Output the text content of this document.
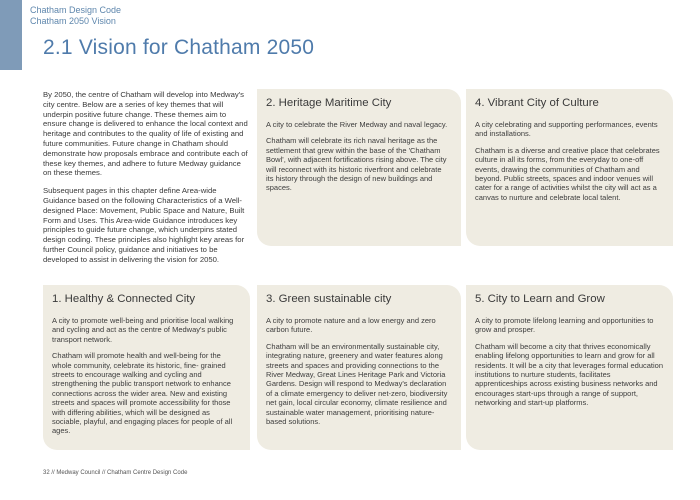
Chatham Design Code
Chatham 2050 Vision
2.1 Vision for Chatham 2050

By 2050, the centre of Chatham will develop into Medway's city centre. Below are a series of key themes that will underpin positive future change. These themes aim to ensure change is delivered to enhance the local context and heritage and contributes to the quality of life of existing and future communities. Future change in Chatham should demonstrate how proposals embrace and contribute each of these key themes, and adhere to future Medway guidance on these themes.

Subsequent pages in this chapter define Area-wide Guidance based on the following Characteristics of a Well- designed Place: Movement, Public Space and Nature, Built Form and Uses. This Area-wide Guidance introduces key principles to guide future change, which underpins stated design coding. These principles also highlight key areas for further Council policy, guidance and initiatives to be developed to assist in delivering the vision for 2050.

2. Heritage Maritime City

A city to celebrate the River Medway and naval legacy.

Chatham will celebrate its rich naval heritage as the settlement that grew within the base of the 'Chatham Bowl', with adjacent fortifications rising above. The city will reconnect with its historic riverfront and celebrate its history through the design of new buildings and spaces.

4. Vibrant City of Culture

A city celebrating and supporting performances, events and installations.

Chatham is a diverse and creative place that celebrates culture in all its forms, from the everyday to one-off events, drawing the communities of Chatham and beyond. Public streets, spaces and indoor venues will cater for a range of activities whilst the city will act as a canvas to nurture and celebrate local talent.

1. Healthy & Connected City

A city to promote well-being and prioritise local walking and cycling and act as the centre of Medway's public transport network.

Chatham will promote health and well-being for the whole community, celebrate its historic, fine- grained streets to encourage walking and cycling and strengthening the public transport network to enhance connections across the wider area. New and existing streets and spaces will promote accessibility for those with differing abilities, which will be designed as sociable, playful, and engaging places for people of all ages.

3. Green sustainable city

A city to promote nature and a low energy and zero carbon future.

Chatham will be an environmentally sustainable city, integrating nature, greenery and water features along streets and spaces and providing connections to the River Medway, Great Lines Heritage Park and Victoria Gardens. Design will respond to Medway's declaration of a climate emergency to deliver net-zero, biodiversity net gain, local circular economy, climate resilience and sustainable water management, prioritising nature-based solutions.

5. City to Learn and Grow

A city to promote lifelong learning and opportunities to grow and prosper.

Chatham will become a city that thrives economically enabling lifelong opportunities to learn and grow for all residents. It will be a city that leverages formal education institutions to nurture students, facilitates apprenticeships across existing business networks and encourages start-ups through a range of support, networking and start-up platforms.

32 // Medway Council // Chatham Centre Design Code
